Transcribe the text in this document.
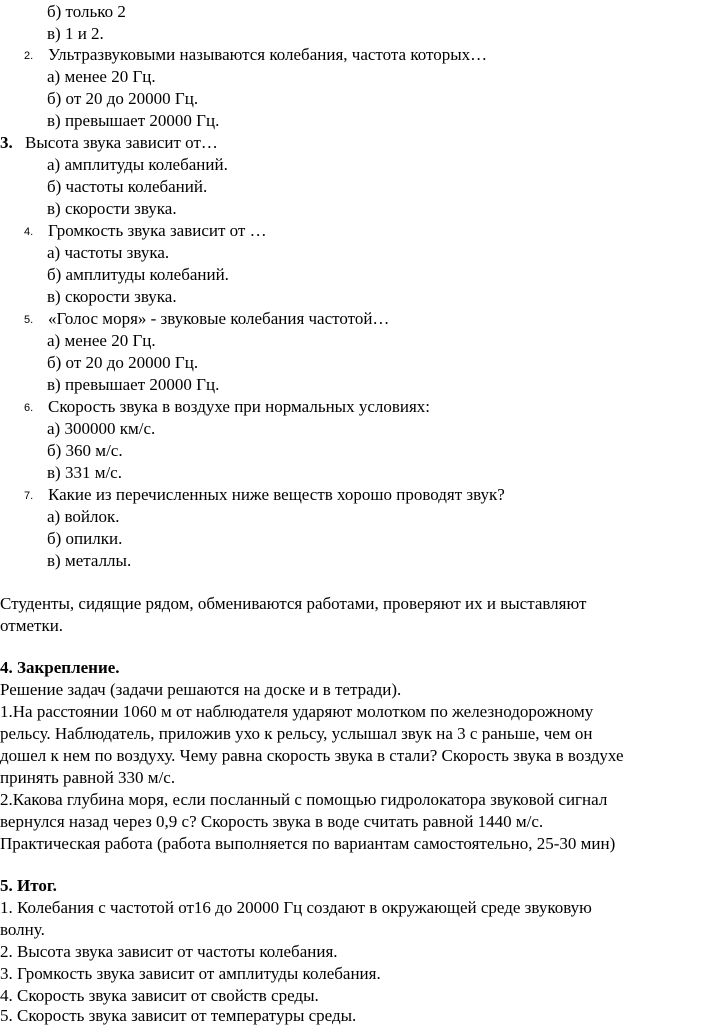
б) только 2
в) 1 и 2.
2. Ультразвуковыми называются колебания, частота которых…
а) менее 20 Гц.
б) от 20 до 20000 Гц.
в) превышает 20000 Гц.
3. Высота звука зависит от…
а) амплитуды колебаний.
б) частоты колебаний.
в) скорости звука.
4. Громкость звука зависит от …
а) частоты звука.
б) амплитуды колебаний.
в) скорости звука.
5. «Голос моря» - звуковые колебания частотой…
а) менее 20 Гц.
б) от 20 до 20000 Гц.
в) превышает 20000 Гц.
6. Скорость звука в воздухе при нормальных условиях:
а) 300000 км/с.
б) 360 м/с.
в) 331 м/с.
7. Какие из перечисленных ниже веществ хорошо проводят звук?
а) войлок.
б) опилки.
в) металлы.
Студенты, сидящие рядом, обмениваются работами, проверяют их и выставляют
отметки.
4. Закрепление.
Решение задач (задачи решаются на доске и в тетради).
1.На расстоянии 1060 м от наблюдателя ударяют молотком по железнодорожному
рельсу. Наблюдатель, приложив ухо к рельсу, услышал звук на 3 с раньше, чем он
дошел к нем по воздуху. Чему равна скорость звука в стали? Скорость звука в воздухе
принять равной 330 м/с.
2.Какова глубина моря, если посланный с помощью гидролокатора звуковой сигнал
вернулся назад через 0,9 с? Скорость звука в воде считать равной 1440 м/с.
Практическая работа (работа выполняется по вариантам самостоятельно, 25-30 мин)
5. Итог.
1. Колебания с частотой от16 до 20000 Гц создают в окружающей среде звуковую
волну.
2. Высота звука зависит от частоты колебания.
3. Громкость звука зависит от амплитуды колебания.
4. Скорость звука зависит от свойств среды.
5. Скорость звука зависит от температуры среды.
